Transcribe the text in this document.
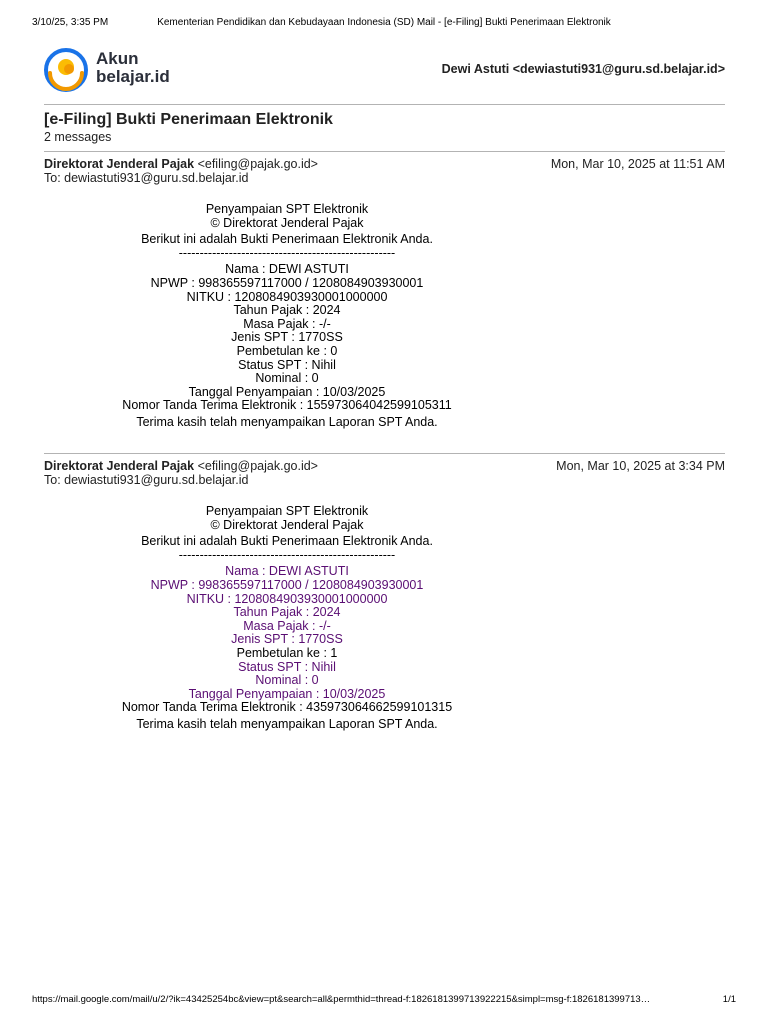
3/10/25, 3:35 PM	Kementerian Pendidikan dan Kebudayaan Indonesia (SD) Mail - [e-Filing] Bukti Penerimaan Elektronik
Akun
belajar.id	Dewi Astuti <dewiastuti931@guru.sd.belajar.id>
[e-Filing] Bukti Penerimaan Elektronik
2 messages
Direktorat Jenderal Pajak <efiling@pajak.go.id>	Mon, Mar 10, 2025 at 11:51 AM
To: dewiastuti931@guru.sd.belajar.id
Penyampaian SPT Elektronik
© Direktorat Jenderal Pajak
Berikut ini adalah Bukti Penerimaan Elektronik Anda.
----------------------------------------------------
Nama : DEWI ASTUTI
NPWP : 998365597117000 / 1208084903930001
NITKU : 1208084903930001000000
Tahun Pajak : 2024
Masa Pajak : -/-
Jenis SPT : 1770SS
Pembetulan ke : 0
Status SPT : Nihil
Nominal : 0
Tanggal Penyampaian : 10/03/2025
Nomor Tanda Terima Elektronik : 155973064042599105311
Terima kasih telah menyampaikan Laporan SPT Anda.
Direktorat Jenderal Pajak <efiling@pajak.go.id>	Mon, Mar 10, 2025 at 3:34 PM
To: dewiastuti931@guru.sd.belajar.id
Penyampaian SPT Elektronik
© Direktorat Jenderal Pajak
Berikut ini adalah Bukti Penerimaan Elektronik Anda.
----------------------------------------------------
Nama : DEWI ASTUTI
NPWP : 998365597117000 / 1208084903930001
NITKU : 1208084903930001000000
Tahun Pajak : 2024
Masa Pajak : -/-
Jenis SPT : 1770SS
Pembetulan ke : 1
Status SPT : Nihil
Nominal : 0
Tanggal Penyampaian : 10/03/2025
Nomor Tanda Terima Elektronik : 435973064662599101315
Terima kasih telah menyampaikan Laporan SPT Anda.
https://mail.google.com/mail/u/2/?ik=43425254bc&view=pt&search=all&permthid=thread-f:1826181399713922215&simpl=msg-f:1826181399713…	1/1
